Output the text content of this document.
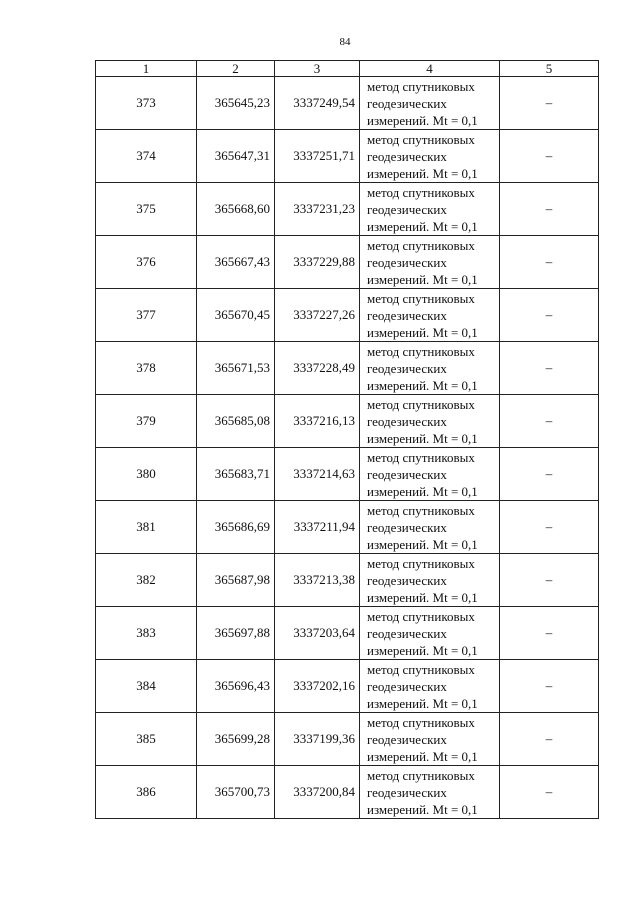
84
1	2	3	4	5
373	365645,23	3337249,54	метод спутниковых геодезических измерений. Mt = 0,1	–
374	365647,31	3337251,71	метод спутниковых геодезических измерений. Mt = 0,1	–
375	365668,60	3337231,23	метод спутниковых геодезических измерений. Mt = 0,1	–
376	365667,43	3337229,88	метод спутниковых геодезических измерений. Mt = 0,1	–
377	365670,45	3337227,26	метод спутниковых геодезических измерений. Mt = 0,1	–
378	365671,53	3337228,49	метод спутниковых геодезических измерений. Mt = 0,1	–
379	365685,08	3337216,13	метод спутниковых геодезических измерений. Mt = 0,1	–
380	365683,71	3337214,63	метод спутниковых геодезических измерений. Mt = 0,1	–
381	365686,69	3337211,94	метод спутниковых геодезических измерений. Mt = 0,1	–
382	365687,98	3337213,38	метод спутниковых геодезических измерений. Mt = 0,1	–
383	365697,88	3337203,64	метод спутниковых геодезических измерений. Mt = 0,1	–
384	365696,43	3337202,16	метод спутниковых геодезических измерений. Mt = 0,1	–
385	365699,28	3337199,36	метод спутниковых геодезических измерений. Mt = 0,1	–
386	365700,73	3337200,84	метод спутниковых геодезических измерений. Mt = 0,1	–
